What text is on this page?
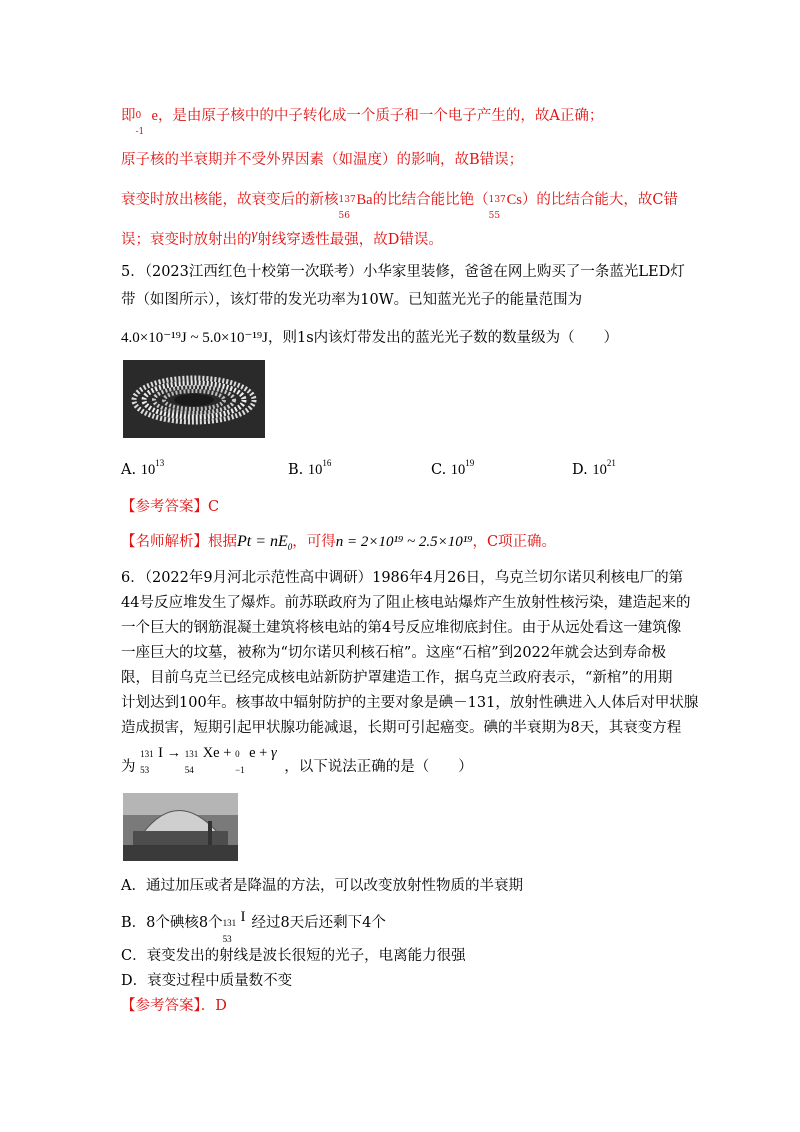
即 0
-1
e，是由原子核中的中子转化成一个质子和一个电子产生的，故A正确；
原子核的半衰期并不受外界因素（如温度）的影响，故B错误；
衰变时放出核能，故衰变后的新核 137
56
Ba的比结合能比铯（ 137
55
Cs）的比结合能大，故C错
误；衰变时放射出的γ射线穿透性最强，故D错误。
5．（2023江西红色十校第一次联考）小华家里装修，爸爸在网上购买了一条蓝光LED灯
带（如图所示），该灯带的发光功率为10W。已知蓝光光子的能量范围为
4.0×10⁻¹⁹J ~ 5.0×10⁻¹⁹J，则1s内该灯带发出的蓝光光子数的数量级为（　　）
A. $10^{13}$	B. $10^{16}$	C. $10^{19}$	D. $10^{21}$
【参考答案】C
【名师解析】根据$Pt = nE_0$，可得n = 2×10¹⁹ ~ 2.5×10¹⁹，C项正确。
6．（2022年9月河北示范性高中调研）1986年4月26日，乌克兰切尔诺贝利核电厂的第
44号反应堆发生了爆炸。前苏联政府为了阻止核电站爆炸产生放射性核污染，建造起来的
一个巨大的钢筋混凝土建筑将核电站的第4号反应堆彻底封住。由于从远处看这一建筑像
一座巨大的坟墓，被称为“切尔诺贝利核石棺”。这座“石棺”到2022年就会达到寿命极
限，目前乌克兰已经完成核电站新防护罩建造工作，据乌克兰政府表示，“新棺”的用期
计划达到100年。核事故中辐射防护的主要对象是碘－131，放射性碘进入人体后对甲状腺
造成损害，短期引起甲状腺功能减退，长期可引起癌变。碘的半衰期为8天，其衰变方程
为
131
53
I → 131
54
Xe + 0
−1
e + γ ，以下说法正确的是（　　）
A．通过加压或者是降温的方法，可以改变放射性物质的半衰期
B．8个碘核8个 131
53
I 经过8天后还剩下4个
C．衰变发出的射线是波长很短的光子，电离能力很强
D．衰变过程中质量数不变
【参考答案】．D
